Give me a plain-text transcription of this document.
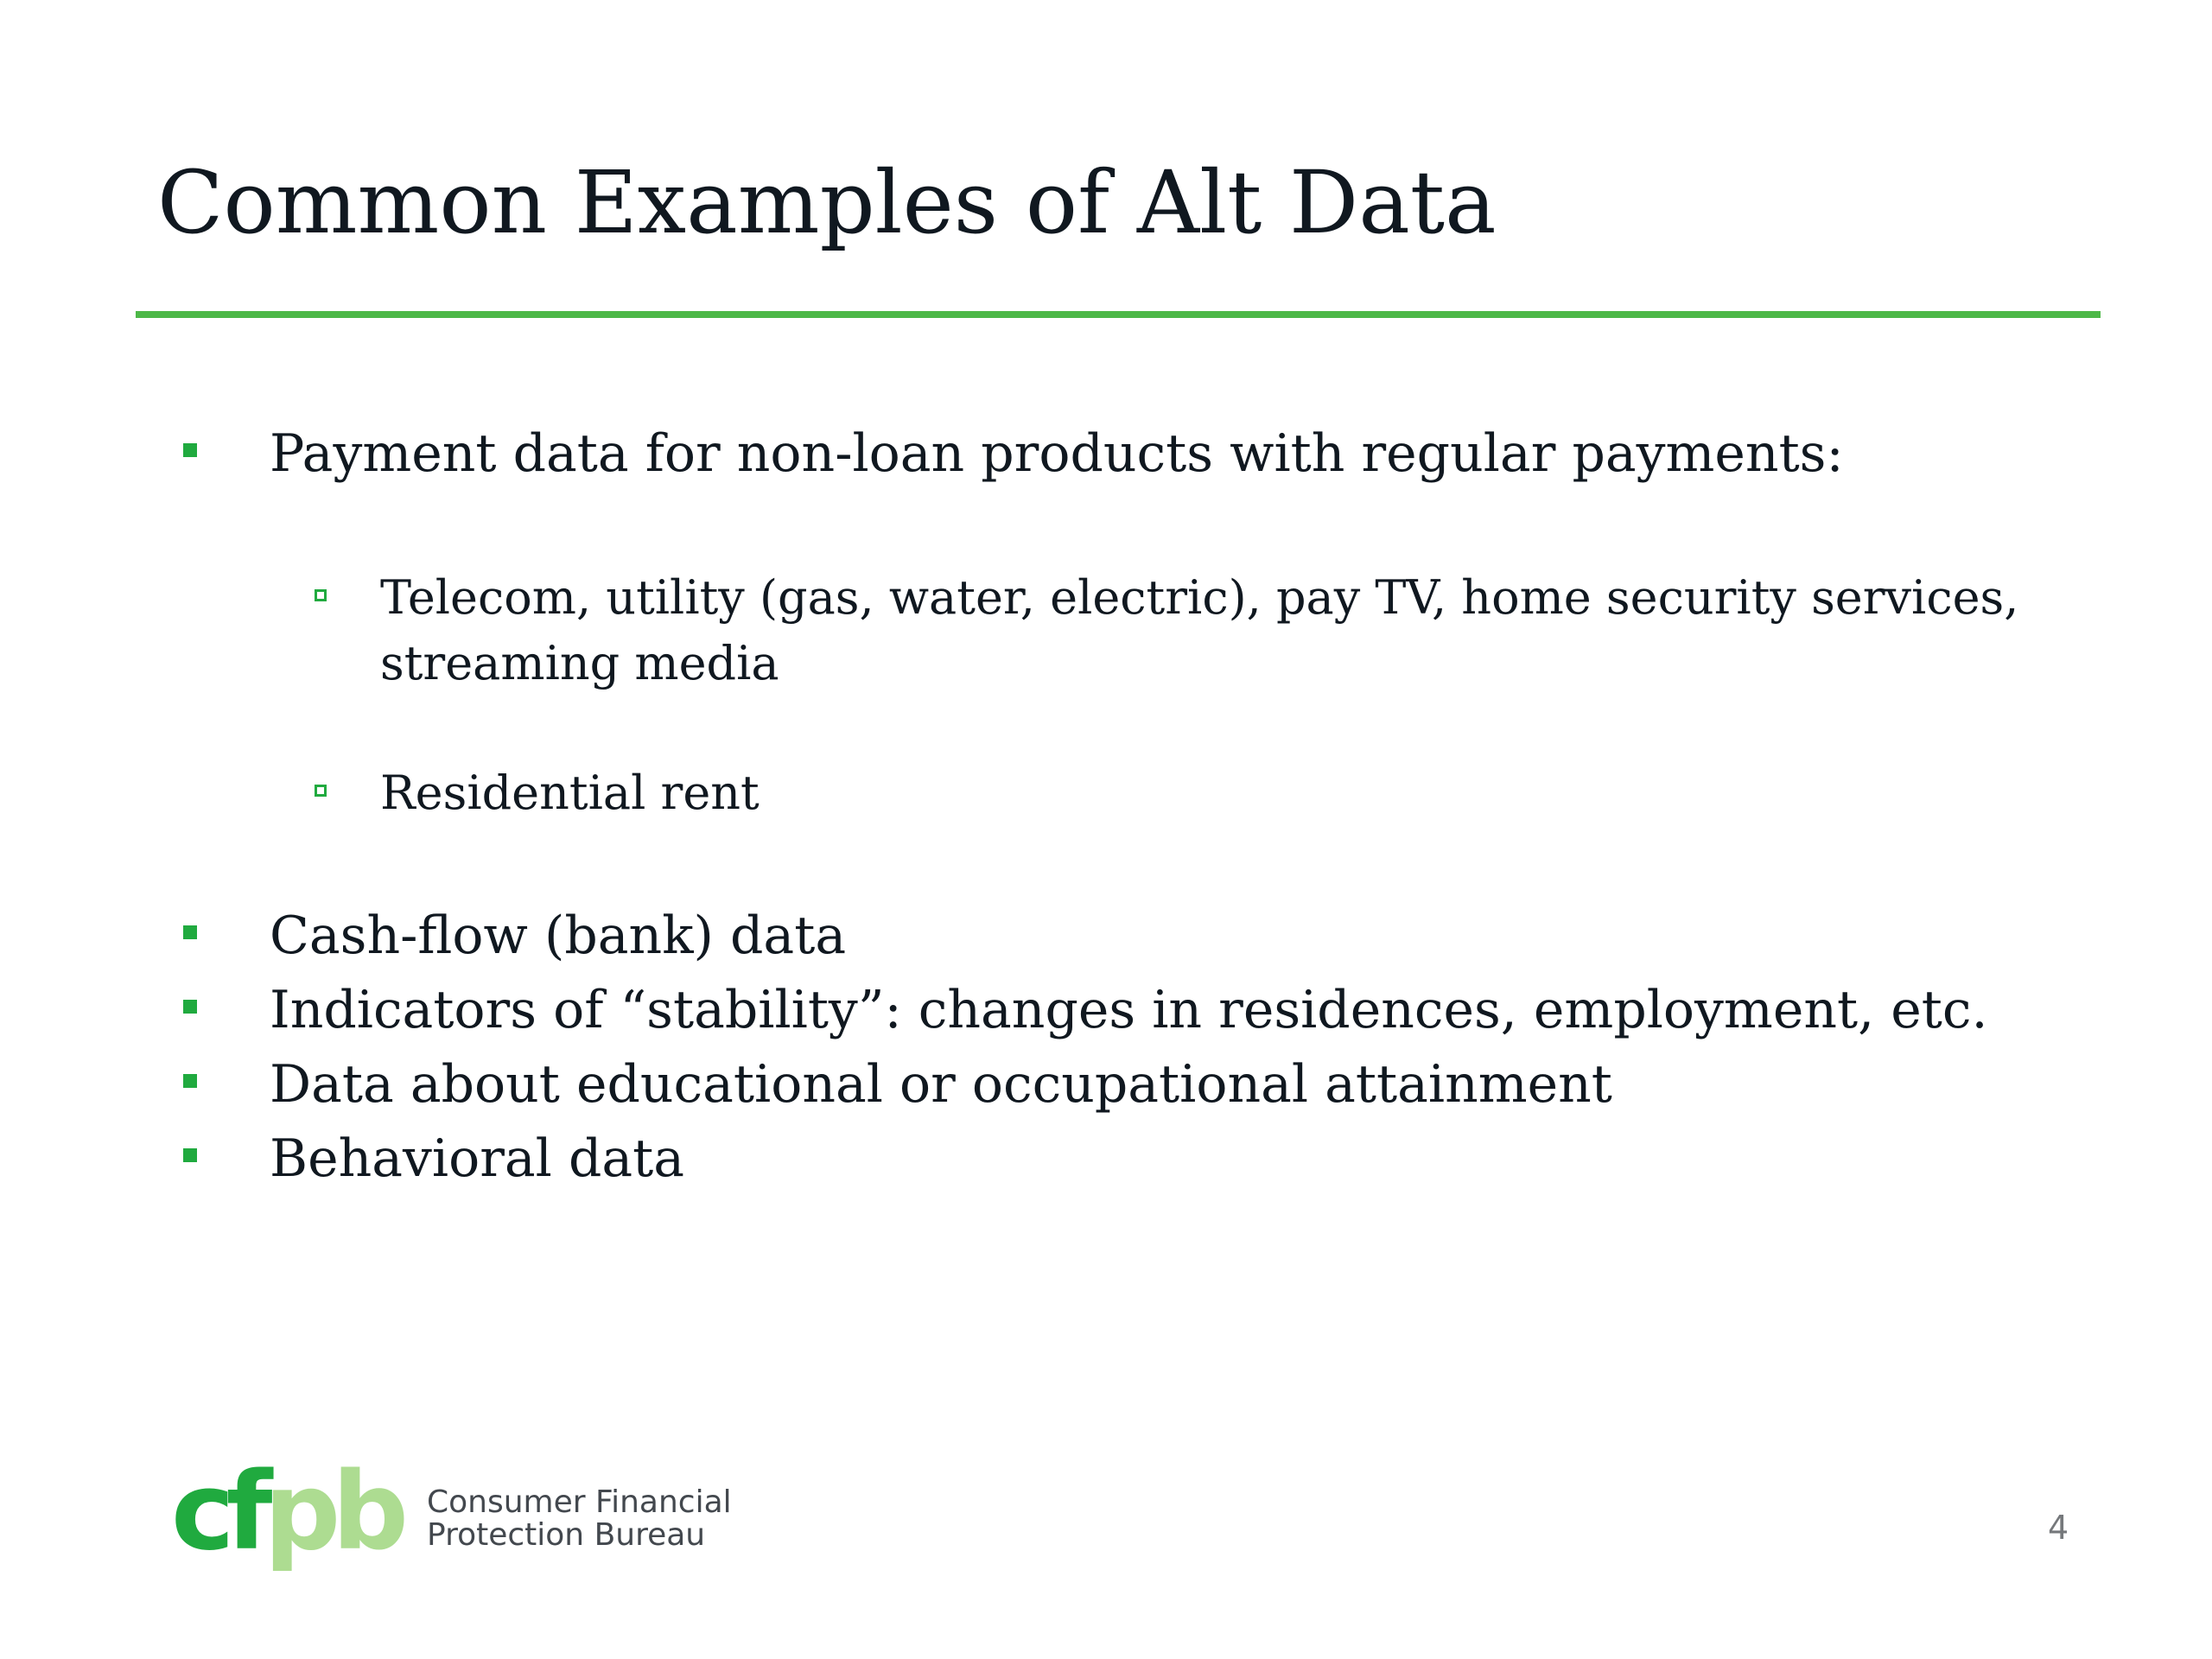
Common Examples of Alt Data
Payment data for non-loan products with regular payments:
Telecom, utility (gas, water, electric), pay TV, home security services,
streaming media
Residential rent
Cash-flow (bank) data
Indicators of “stability”: changes in residences, employment, etc.
Data about educational or occupational attainment
Behavioral data
cfpb Consumer Financial
Protection Bureau	4
